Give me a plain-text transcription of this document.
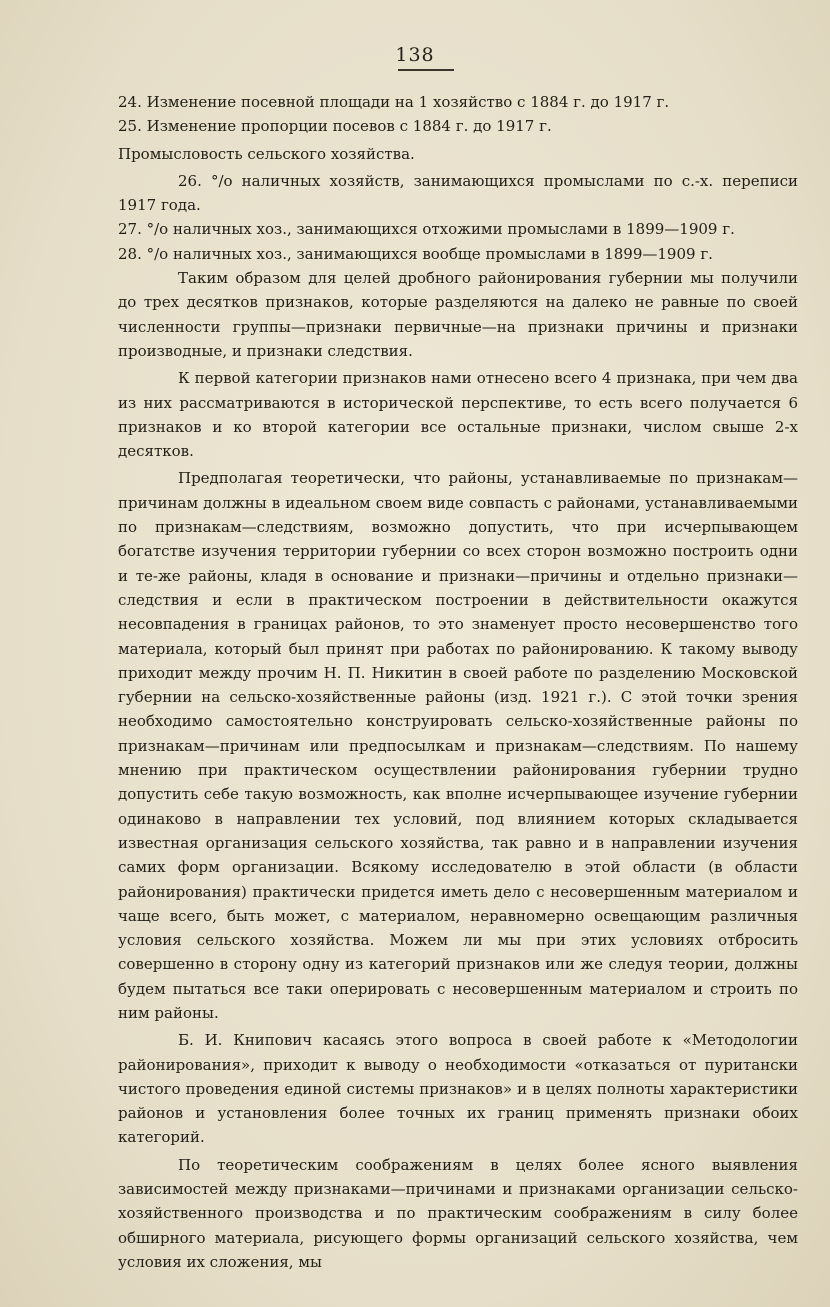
138

24. Изменение посевной площади на 1 хозяйство с 1884 г. до 1917 г.

25. Изменение пропорции посевов с 1884 г. до 1917 г.

Промысловость сельского хозяйства.

26. °/о наличных хозяйств, занимающихся промыслами по с.-х. переписи 1917 года.

27. °/о наличных хоз., занимающихся отхожими промыслами в 1899—1909 г.

28. °/о наличных хоз., занимающихся вообще промыслами в 1899—1909 г.

Таким образом для целей дробного районирования губернии мы получили до трех десятков признаков, которые разделяются на далеко не равные по своей численности группы—признаки первичные—на признаки причины и признаки производные, и признаки следствия.

К первой категории признаков нами отнесено всего 4 признака, при чем два из них рассматриваются в исторической перспективе, то есть всего получается 6 признаков и ко второй категории все остальные признаки, числом свыше 2-х десятков.

Предполагая теоретически, что районы, устанавливаемые по признакам—причинам должны в идеальном своем виде совпасть с районами, устанавливаемыми по признакам—следствиям, возможно допустить, что при исчерпывающем богатстве изучения территории губернии со всех сторон возможно построить одни и те-же районы, кладя в основание и признаки—причины и отдельно признаки—следствия и если в практическом построении в действительности окажутся несовпадения в границах районов, то это знаменует просто несовершенство того материала, который был принят при работах по районированию. К такому выводу приходит между прочим Н. П. Никитин в своей работе по разделению Московской губернии на сельско-хозяйственные районы (изд. 1921 г.). С этой точки зрения необходимо самостоятельно конструировать сельско-хозяйственные районы по признакам—причинам или предпосылкам и признакам—следствиям. По нашему мнению при практическом осуществлении районирования губернии трудно допустить себе такую возможность, как вполне исчерпывающее изучение губернии одинаково в направлении тех условий, под влиянием которых складывается известная организация сельского хозяйства, так равно и в направлении изучения самих форм организации. Всякому исследователю в этой области (в области районирования) практически придется иметь дело с несовершенным материалом и чаще всего, быть может, с материалом, неравномерно освещающим различныя условия сельского хозяйства. Можем ли мы при этих условиях отбросить совершенно в сторону одну из категорий признаков или же следуя теории, должны будем пытаться все таки оперировать с несовершенным материалом и строить по ним районы.

Б. И. Книпович касаясь этого вопроса в своей работе к «Методологии районирования», приходит к выводу о необходимости «отказаться от пуритански чистого проведения единой системы признаков» и в целях полноты характеристики районов и установления более точных их границ применять признаки обоих категорий.

По теоретическим соображениям в целях более ясного выявления зависимостей между признаками—причинами и признаками организации сельско-хозяйственного производства и по практическим соображениям в силу более обширного материала, рисующего формы организаций сельского хозяйства, чем условия их сложения, мы
